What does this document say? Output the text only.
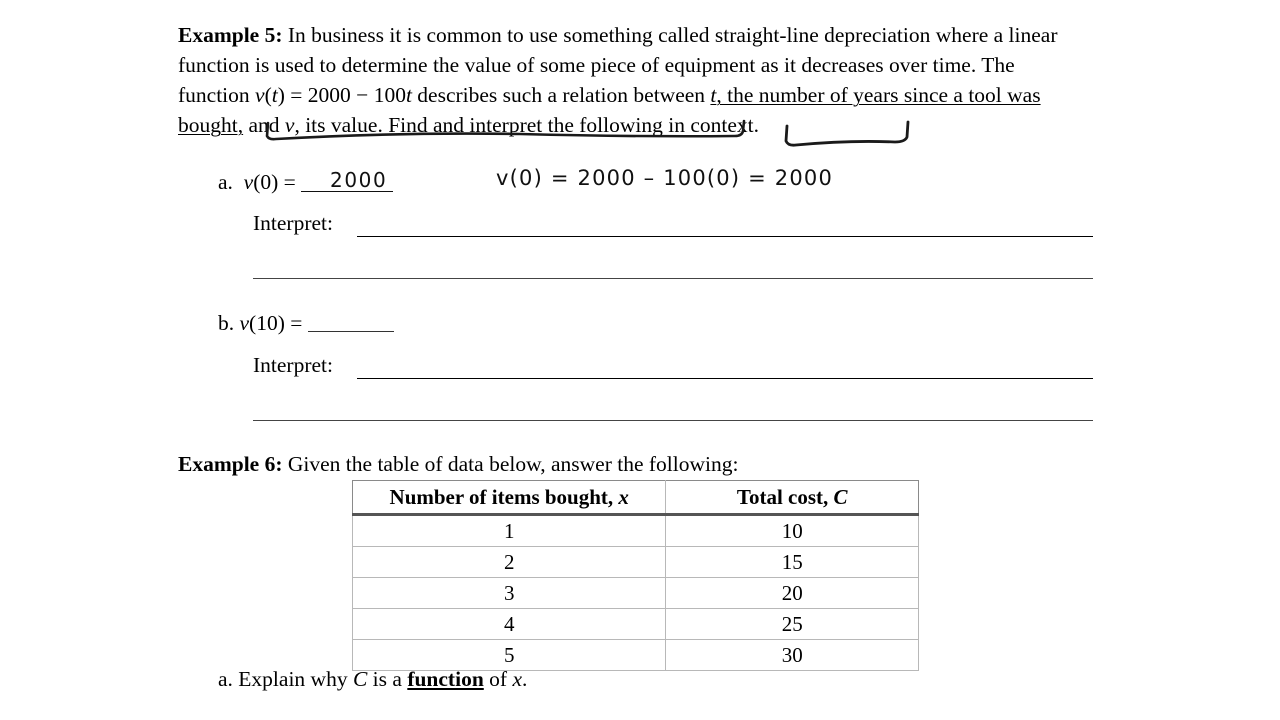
Example 5: In business it is common to use something called straight-line depreciation where a linear function is used to determine the value of some piece of equipment as it decreases over time. The function v(t) = 2000 − 100t describes such a relation between t, the number of years since a tool was bought, and v, its value. Find and interpret the following in context.
a. v(0) =	2000	v(0) = 2000 – 100(0) = 2000
Interpret:
b. v(10) =
Interpret:
Example 6: Given the table of data below, answer the following:
Number of items bought, x	Total cost, C
1	10
2	15
3	20
4	25
5	30
a. Explain why C is a function of x.
